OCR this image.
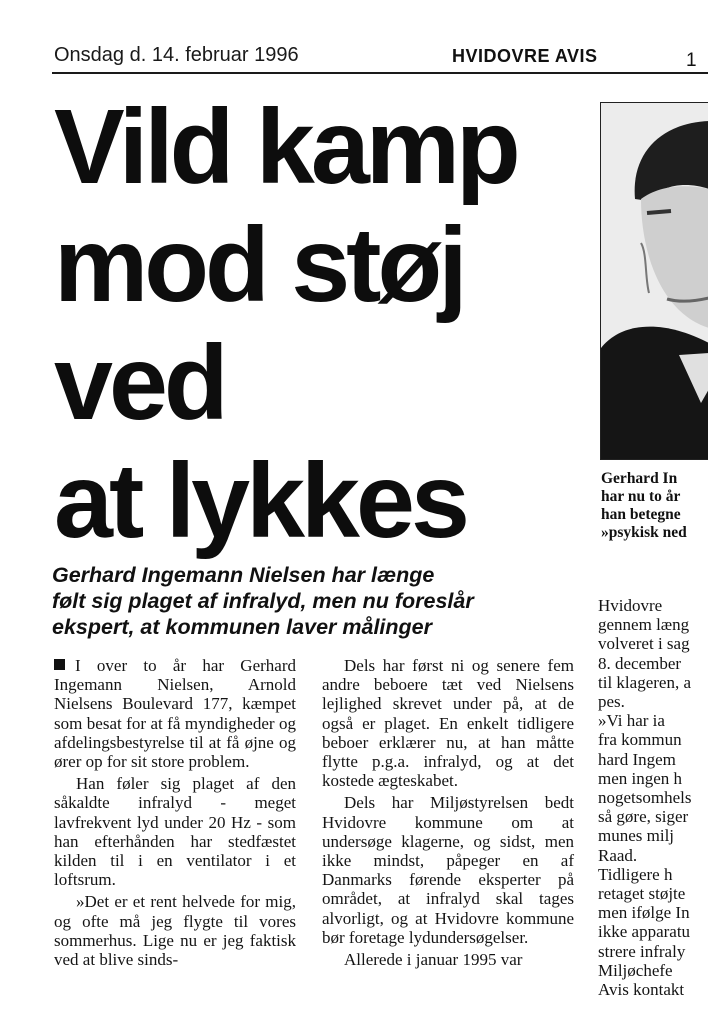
Onsdag d. 14. februar 1996	HVIDOVRE AVIS	1
Vild kamp
mod støj
ved
at lykkes
Gerhard Ingemann Nielsen har længe
følt sig plaget af infralyd, men nu foreslår
ekspert, at kommunen laver målinger

I over to år har Gerhard Ingemann Nielsen, Arnold Nielsens Boulevard 177, kæmpet som besat for at få myndigheder og afdelingsbestyrelse til at få øjne og ører op for sit store problem.

Han føler sig plaget af den såkaldte infralyd - meget lavfrekvent lyd under 20 Hz - som han efterhånden har stedfæstet kilden til i en ventilator i et loftsrum.

»Det er et rent helvede for mig, og ofte må jeg flygte til vores sommerhus. Lige nu er jeg faktisk ved at blive sinds-

Dels har først ni og senere fem andre beboere tæt ved Nielsens lejlighed skrevet under på, at de også er plaget. En enkelt tidligere beboer erklærer nu, at han måtte flytte p.g.a. infralyd, og at det kostede ægteskabet.

Dels har Miljøstyrelsen bedt Hvidovre kommune om at undersøge klagerne, og sidst, men ikke mindst, påpeger en af Danmarks førende eksperter på området, at infralyd skal tages alvorligt, og at Hvidovre kommune bør foretage lydundersøgelser.

Allerede i januar 1995 var

Gerhard In
har nu to år
han betegne
»psykisk ned
Hvidovre
gennem læng
volveret i sag
8. december
til klageren, a
pes.
»Vi har ia
fra kommun
hard Ingem
men ingen h
nogetsomhels
så gøre, siger
munes milj
Raad.
Tidligere h
retaget støjte
men ifølge In
ikke apparatu
strere infraly
Miljøchefe
Avis kontakt
